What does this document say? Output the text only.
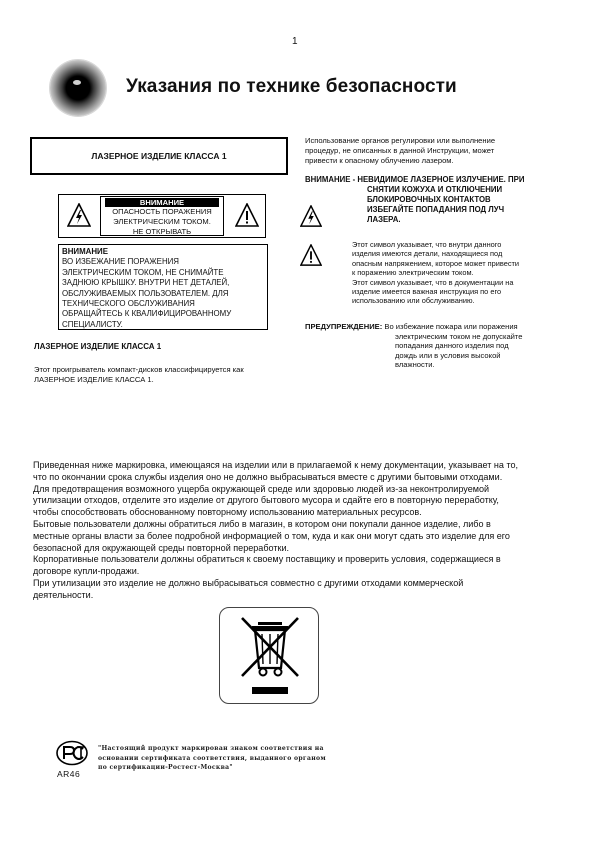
1
Указания по технике безопасности
ЛАЗЕРНОЕ ИЗДЕЛИЕ КЛАССА 1
ВНИМАНИЕ
ОПАСНОСТЬ ПОРАЖЕНИЯ
ЭЛЕКТРИЧЕСКИМ ТОКОМ.
НЕ ОТКРЫВАТЬ
ВНИМАНИЕ
ВО ИЗБЕЖАНИЕ ПОРАЖЕНИЯ
ЭЛЕКТРИЧЕСКИМ ТОКОМ, НЕ СНИМАЙТЕ
ЗАДНЮЮ КРЫШКУ. ВНУТРИ НЕТ ДЕТАЛЕЙ,
ОБСЛУЖИВАЕМЫХ ПОЛЬЗОВАТЕЛЕМ. ДЛЯ
ТЕХНИЧЕСКОГО ОБСЛУЖИВАНИЯ
ОБРАЩАЙТЕСЬ К КВАЛИФИЦИРОВАННОМУ
СПЕЦИАЛИСТУ.
ЛАЗЕРНОЕ ИЗДЕЛИЕ КЛАССА 1
Этот проигрыватель компакт-дисков классифицируется как
ЛАЗЕРНОЕ ИЗДЕЛИЕ КЛАССА 1.
Использование органов регулировки или выполнение
процедур, не описанных в данной Инструкции, может
привести к опасному облучению лазером.
ВНИМАНИЕ - НЕВИДИМОЕ ЛАЗЕРНОЕ ИЗЛУЧЕНИЕ. ПРИ
СНЯТИИ КОЖУХА И ОТКЛЮЧЕНИИ
БЛОКИРОВОЧНЫХ КОНТАКТОВ
ИЗБЕГАЙТЕ ПОПАДАНИЯ ПОД ЛУЧ
ЛАЗЕРА.
Этот символ указывает, что внутри данного
изделия имеются детали, находящиеся под
опасным напряжением, которое может привести
к поражению электрическим током.
Этот символ указывает, что в документации на
изделие имеется важная инструкция по его
использованию или обслуживанию.
ПРЕДУПРЕЖДЕНИЕ: Во избежание пожара или поражения
электрическим током не допускайте
попадания данного изделия под
дождь или в условия высокой
влажности.
Приведенная ниже маркировка, имеющаяся на изделии или в прилагаемой к нему документации, указывает на то,
что по окончании срока службы изделия оно не должно выбрасываться вместе с другими бытовыми отходами.
Для предотвращения возможного ущерба окружающей среде или здоровью людей из-за неконтролируемой
утилизации отходов, отделите это изделие от другого бытового мусора и сдайте его в повторную переработку,
чтобы способствовать обоснованному повторному использованию материальных ресурсов.
Бытовые пользователи должны обратиться либо в магазин, в котором они покупали данное изделие, либо в
местные органы власти за более подробной информацией о том, куда и как они могут сдать это изделие для его
безопасной для окружающей среды повторной переработки.
Корпоративные пользователи должны обратиться к своему поставщику и проверить условия, содержащиеся в
договоре купли-продажи.
При утилизации это изделие не должно выбрасываться совместно с другими отходами коммерческой
деятельности.
AR46
"Настоящий продукт маркирован знаком соответствия на
основании сертификата соответствия, выданного органом
по сертификации-Ростест-Москва"
